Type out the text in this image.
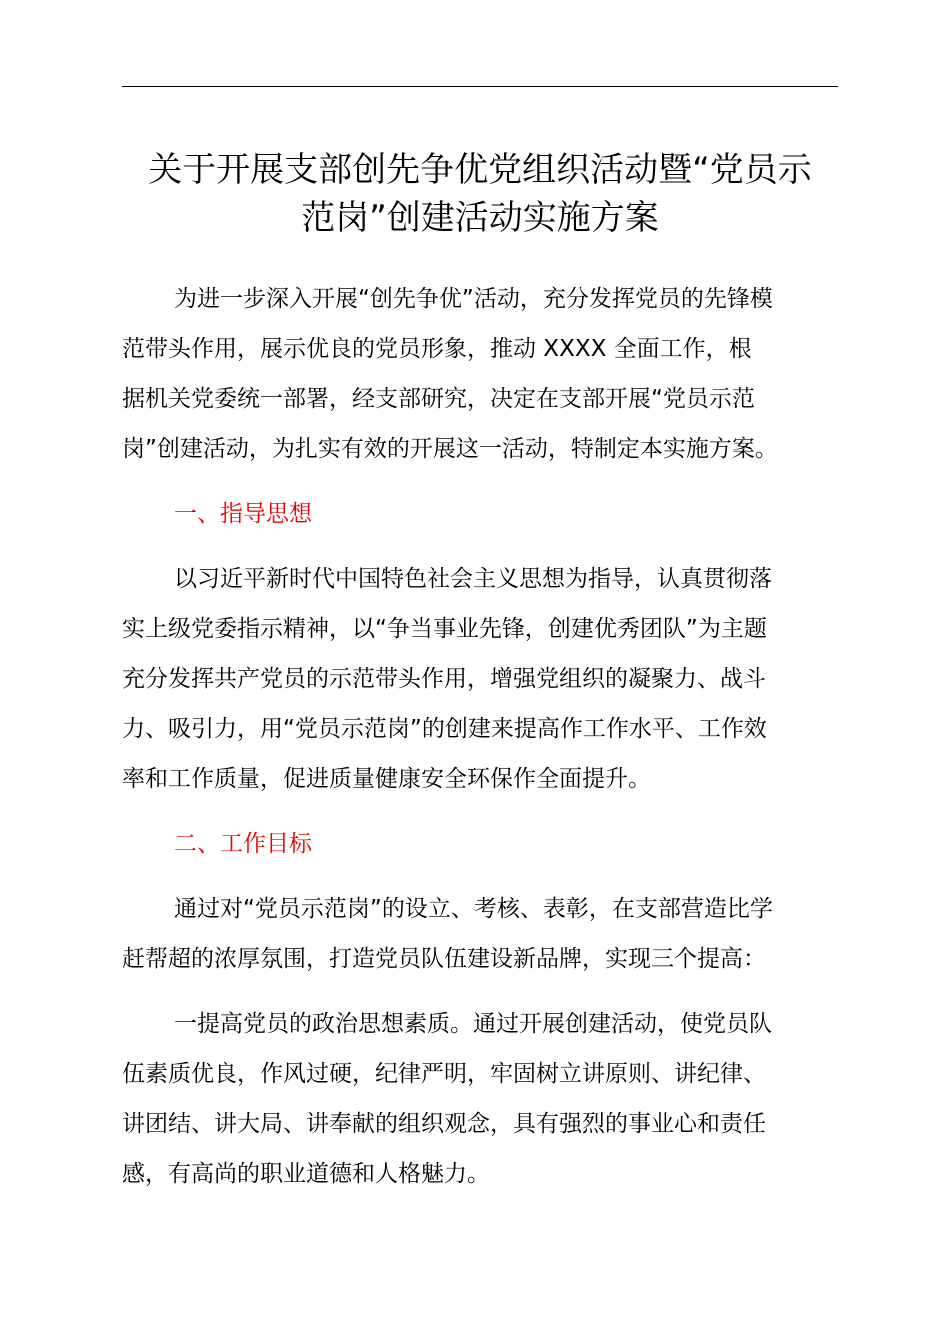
关于开展支部创先争优党组织活动暨“党员示
范岗”创建活动实施方案
为进一步深入开展“创先争优”活动，充分发挥党员的先锋模
范带头作用，展示优良的党员形象，推动 XXXX 全面工作，根
据机关党委统一部署，经支部研究，决定在支部开展“党员示范
岗”创建活动，为扎实有效的开展这一活动，特制定本实施方案。
一、指导思想
以习近平新时代中国特色社会主义思想为指导，认真贯彻落
实上级党委指示精神，以“争当事业先锋，创建优秀团队”为主题
充分发挥共产党员的示范带头作用，增强党组织的凝聚力、战斗
力、吸引力，用“党员示范岗”的创建来提高作工作水平、工作效
率和工作质量，促进质量健康安全环保作全面提升。
二、工作目标
通过对“党员示范岗”的设立、考核、表彰，在支部营造比学
赶帮超的浓厚氛围，打造党员队伍建设新品牌，实现三个提高：
一提高党员的政治思想素质。通过开展创建活动，使党员队
伍素质优良，作风过硬，纪律严明，牢固树立讲原则、讲纪律、
讲团结、讲大局、讲奉献的组织观念，具有强烈的事业心和责任
感，有高尚的职业道德和人格魅力。
